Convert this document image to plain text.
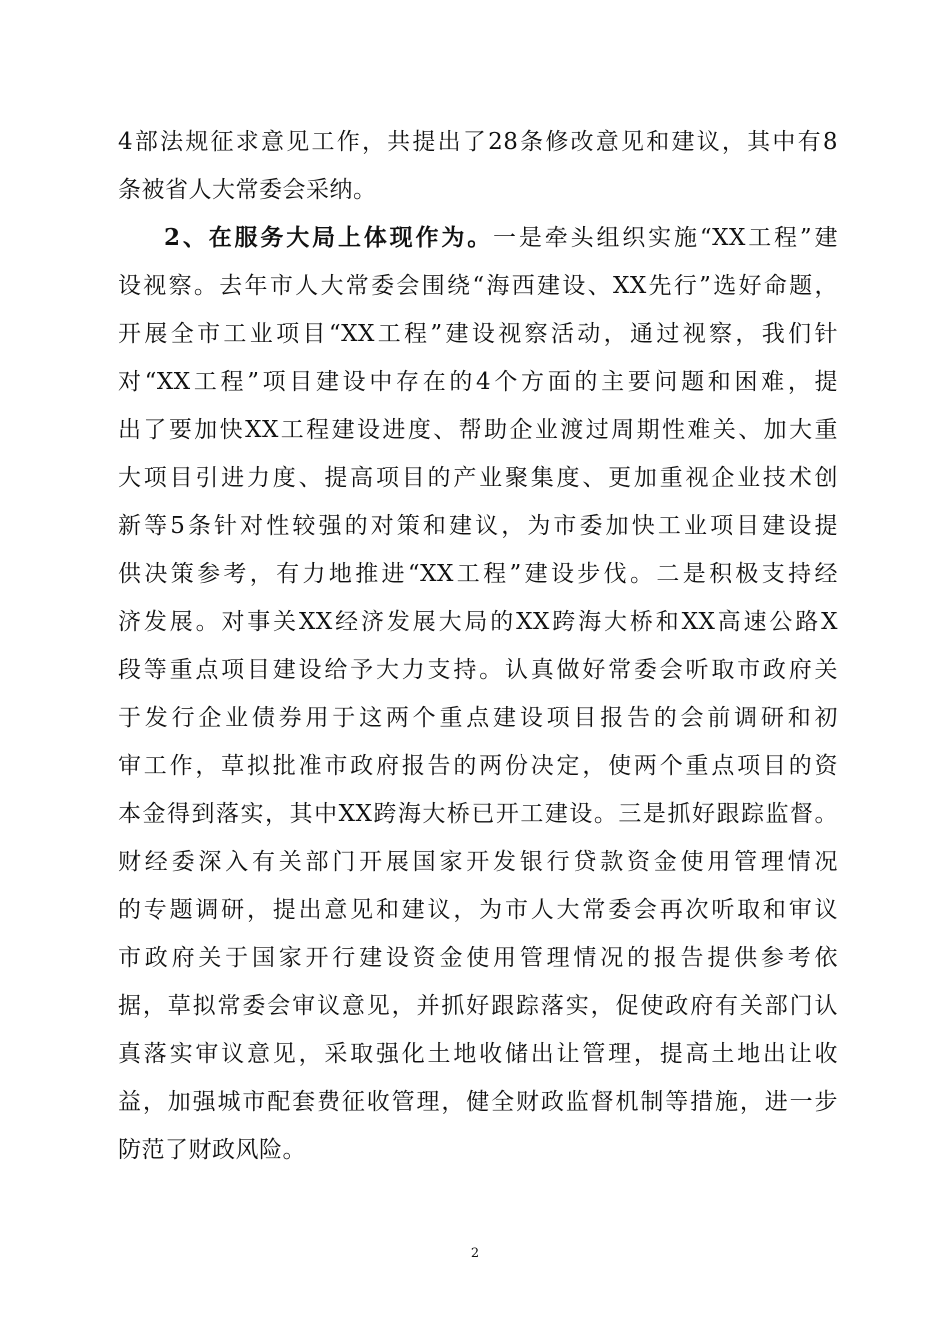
4部法规征求意见工作，共提出了28条修改意见和建议，其中有8
条被省人大常委会采纳。
2、在服务大局上体现作为。一是牵头组织实施“XX工程”建
设视察。去年市人大常委会围绕“海西建设、XX先行”选好命题，
开展全市工业项目“XX工程”建设视察活动，通过视察，我们针
对“XX工程”项目建设中存在的4个方面的主要问题和困难，提
出了要加快XX工程建设进度、帮助企业渡过周期性难关、加大重
大项目引进力度、提高项目的产业聚集度、更加重视企业技术创
新等5条针对性较强的对策和建议，为市委加快工业项目建设提
供决策参考，有力地推进“XX工程”建设步伐。二是积极支持经
济发展。对事关XX经济发展大局的XX跨海大桥和XX高速公路X
段等重点项目建设给予大力支持。认真做好常委会听取市政府关
于发行企业债券用于这两个重点建设项目报告的会前调研和初
审工作，草拟批准市政府报告的两份决定，使两个重点项目的资
本金得到落实，其中XX跨海大桥已开工建设。三是抓好跟踪监督。
财经委深入有关部门开展国家开发银行贷款资金使用管理情况
的专题调研，提出意见和建议，为市人大常委会再次听取和审议
市政府关于国家开行建设资金使用管理情况的报告提供参考依
据，草拟常委会审议意见，并抓好跟踪落实，促使政府有关部门认
真落实审议意见，采取强化土地收储出让管理，提高土地出让收
益，加强城市配套费征收管理，健全财政监督机制等措施，进一步
防范了财政风险。
2
